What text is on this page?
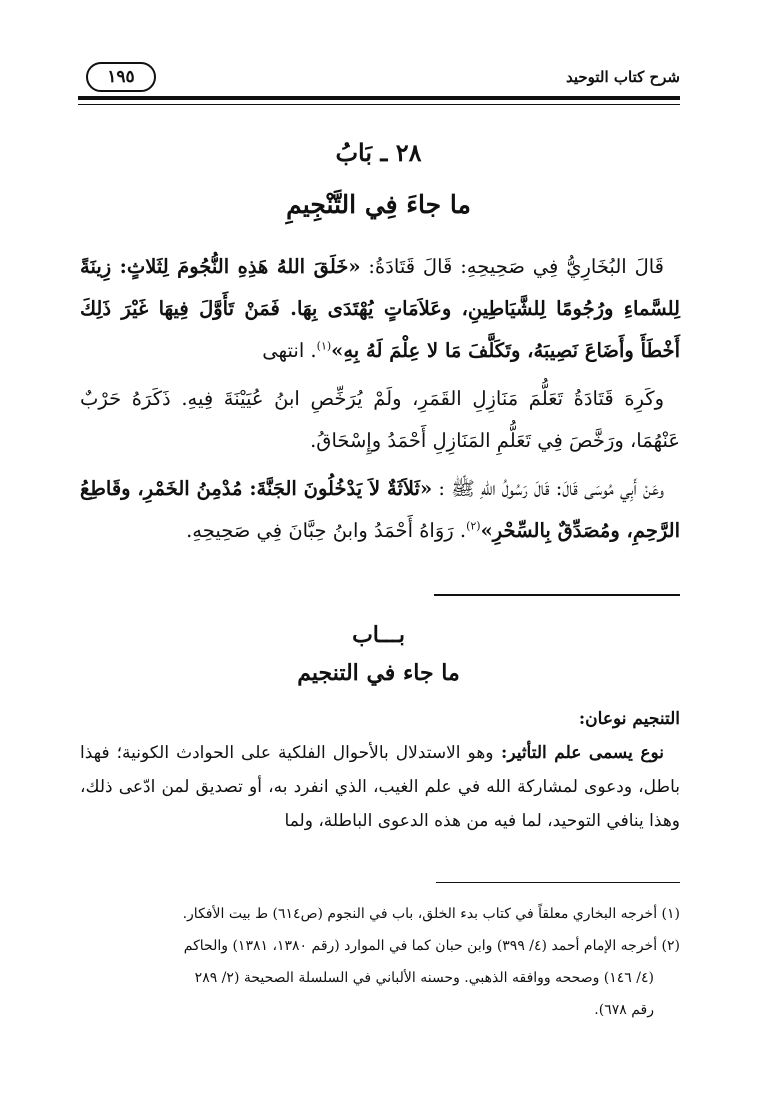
شرح كتاب التوحيد
١٩٥
٢٨ ـ بَابُ
ما جاءَ فِي التَّنْجِيمِ

قَالَ البُخَارِيُّ فِي صَحِيحِهِ: قَالَ قَتَادَةُ: «خَلَقَ اللهُ هَذِهِ النُّجُومَ لِثَلاثٍ: زِينَةً لِلسَّماءِ ورُجُومًا لِلشَّيَاطِينِ، وعَلاَمَاتٍ يُهْتَدَى بِهَا. فَمَنْ تَأَوَّلَ فِيهَا غَيْرَ ذَلِكَ أَخْطَأَ وأَضَاعَ نَصِيبَهُ، وتَكَلَّفَ مَا لا عِلْمَ لَهُ بِهِ»$^{(١)}$. انتهى

وكَرِهَ قَتَادَةُ تَعَلُّمَ مَنَازِلِ القَمَرِ، ولَمْ يُرَخِّصِ ابنُ عُيَيْنَةَ فِيهِ. ذَكَرَهُ حَرْبٌ عَنْهُمَا، ورَخَّصَ فِي تَعَلُّمِ المَنَازِلِ أَحْمَدُ وإِسْحَاقُ.

وعَنْ أَبِي مُوسَى قَالَ: قَالَ رَسُولُ اللهِ ﷺ : «ثَلاَثَةٌ لاَ يَدْخُلُونَ الجَنَّةَ: مُدْمِنُ الخَمْرِ، وقَاطِعُ الرَّحِمِ، ومُصَدِّقٌ بِالسِّحْرِ»$^{(٢)}$. رَوَاهُ أَحْمَدُ وابنُ حِبَّانَ فِي صَحِيحِهِ.

بـــاب
ما جاء في التنجيم

التنجيم نوعان:

نوع يسمى علم التأثير: وهو الاستدلال بالأحوال الفلكية على الحوادث الكونية؛ فهذا باطل، ودعوى لمشاركة الله في علم الغيب، الذي انفرد به، أو تصديق لمن ادّعى ذلك، وهذا ينافي التوحيد، لما فيه من هذه الدعوى الباطلة، ولما

(١) أخرجه البخاري معلقاً في كتاب بدء الخلق، باب في النجوم (ص٦١٤) ط بيت الأفكار.

(٢) أخرجه الإمام أحمد (٤/ ٣٩٩) وابن حبان كما في الموارد (رقم ١٣٨٠، ١٣٨١) والحاكم

(٤/ ١٤٦) وصححه ووافقه الذهبي. وحسنه الألباني في السلسلة الصحيحة (٢/ ٢٨٩

رقم ٦٧٨).
